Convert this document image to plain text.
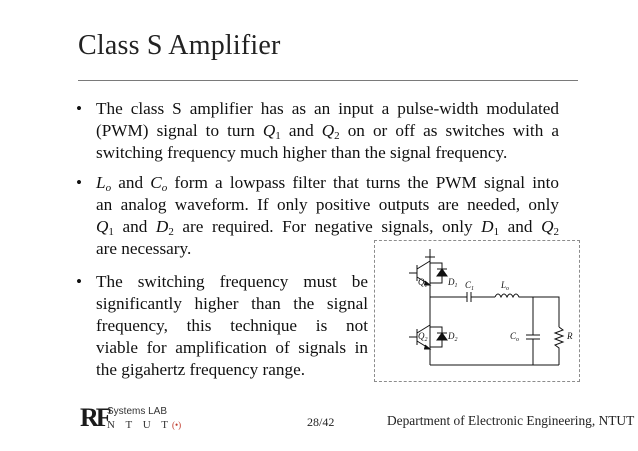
Class S Amplifier
• The class S amplifier has as an input a pulse-width modulated
(PWM) signal to turn $Q_1$ and $Q_2$ on or off as switches with a
switching frequency much higher than the signal frequency.
• $L_o$ and $C_o$ form a lowpass filter that turns the PWM signal into
an analog waveform. If only positive outputs are needed, only
$Q_1$ and $D_2$ are required. For negative signals, only $D_1$ and $Q_2$
are necessary.
• The switching frequency must be
significantly higher than the signal
frequency, this technique is not
viable for amplification of signals in
the gigahertz frequency range.
$Q_1$ $D_1$ $C_1$	$L_o$
$Q_2$ $D_2$	$C_o$	R
RF
Systems LAB
N T U T(•)	28/42	Department of Electronic Engineering, NTUT
